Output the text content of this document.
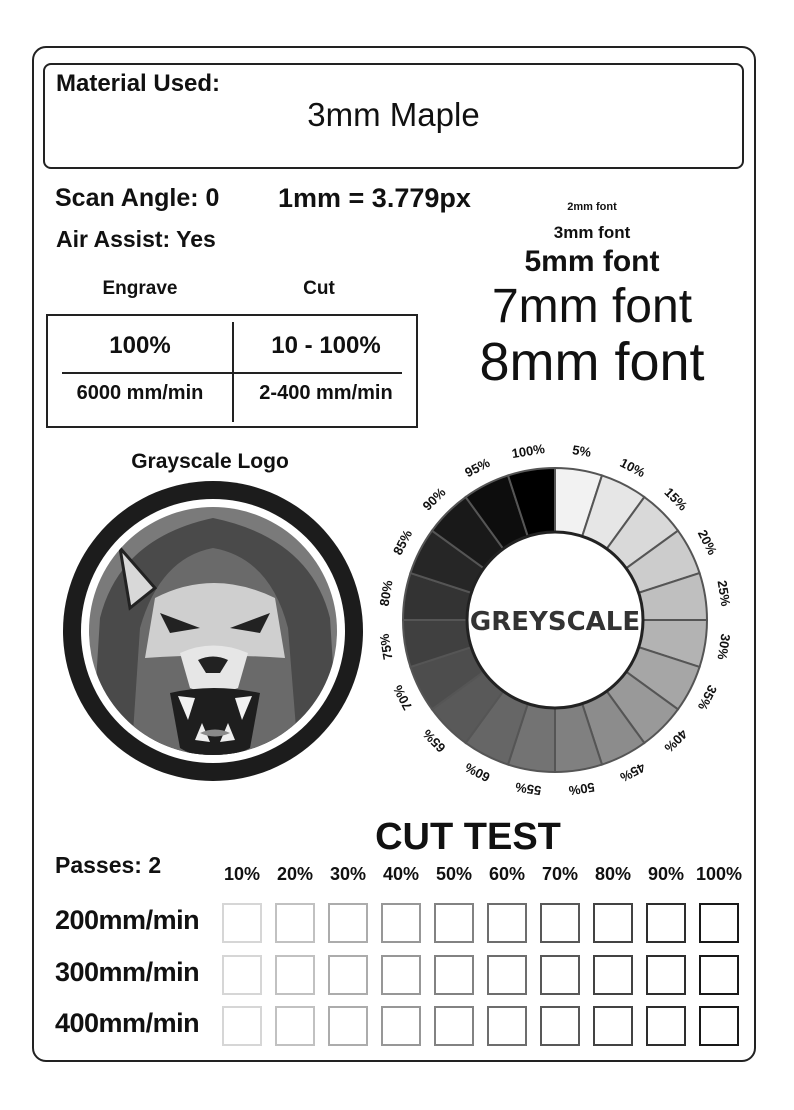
Material Used:
3mm Maple
Scan Angle: 0 1mm = 3.779px
Air Assist: Yes
2mm font
3mm font
5mm font
7mm font
8mm font
Engrave	Cut
100%	10 - 100%
6000 mm/min	2-400 mm/min
Grayscale Logo
GREYSCALE
5%
10%
15%
20%
25%
30%
35%
40%
45%
50%
55%
60%
65%
70%
75%
80%
85%
90%
95%
100%
CUT TEST
Passes: 2	10% 20% 30% 40% 50% 60% 70% 80% 90% 100%
200mm/min
300mm/min
400mm/min
